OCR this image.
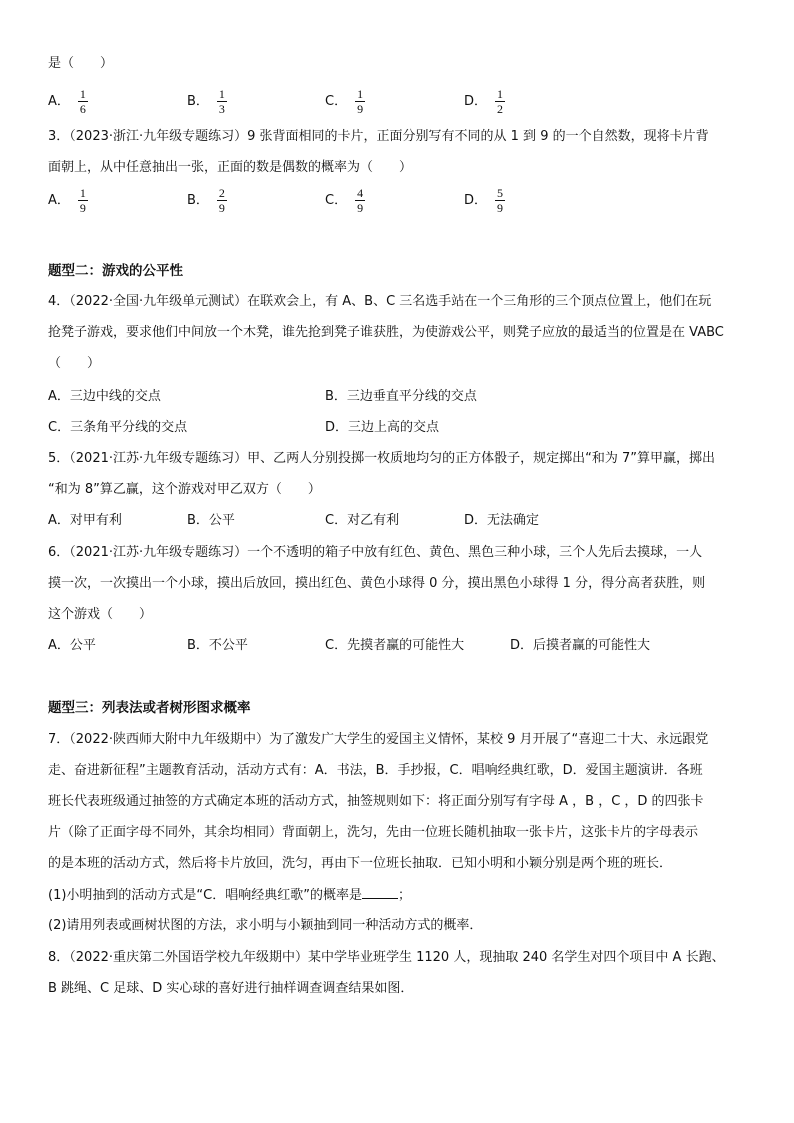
是（　　）
A． $\frac{1}{6}$	B． $\frac{1}{3}$	C． $\frac{1}{9}$	D． $\frac{1}{2}$
3．（2023·浙江·九年级专题练习）9 张背面相同的卡片，正面分别写有不同的从 1 到 9 的一个自然数，现将卡片背
面朝上，从中任意抽出一张，正面的数是偶数的概率为（　　）
A． $\frac{1}{9}$	B． $\frac{2}{9}$	C． $\frac{4}{9}$	D． $\frac{5}{9}$
题型二：游戏的公平性
4．（2022·全国·九年级单元测试）在联欢会上，有 A、B、C 三名选手站在一个三角形的三个顶点位置上，他们在玩
抢凳子游戏，要求他们中间放一个木凳，谁先抢到凳子谁获胜，为使游戏公平，则凳子应放的最适当的位置是在 VABC
（　　）
A．三边中线的交点	B．三边垂直平分线的交点
C．三条角平分线的交点	D．三边上高的交点
5．（2021·江苏·九年级专题练习）甲、乙两人分别投掷一枚质地均匀的正方体骰子，规定掷出“和为 7”算甲赢，掷出
“和为 8”算乙赢，这个游戏对甲乙双方（　　）
A．对甲有利	B．公平	C．对乙有利	D．无法确定
6．（2021·江苏·九年级专题练习）一个不透明的箱子中放有红色、黄色、黑色三种小球，三个人先后去摸球，一人
摸一次，一次摸出一个小球，摸出后放回，摸出红色、黄色小球得 0 分，摸出黑色小球得 1 分，得分高者获胜，则
这个游戏（　　）
A．公平	B．不公平	C．先摸者赢的可能性大	D．后摸者赢的可能性大
题型三：列表法或者树形图求概率
7．（2022·陕西师大附中九年级期中）为了激发广大学生的爱国主义情怀，某校 9 月开展了“喜迎二十大、永远跟党
走、奋进新征程”主题教育活动，活动方式有：A．书法，B．手抄报，C．唱响经典红歌，D．爱国主题演讲．各班
班长代表班级通过抽签的方式确定本班的活动方式，抽签规则如下：将正面分别写有字母 A ，B ，C ，D 的四张卡
片（除了正面字母不同外，其余均相同）背面朝上，洗匀，先由一位班长随机抽取一张卡片，这张卡片的字母表示
的是本班的活动方式，然后将卡片放回，洗匀，再由下一位班长抽取．已知小明和小颖分别是两个班的班长．
(1)小明抽到的活动方式是“C．唱响经典红歌”的概率是	；
(2)请用列表或画树状图的方法，求小明与小颖抽到同一种活动方式的概率．
8．（2022·重庆第二外国语学校九年级期中）某中学毕业班学生 1120 人，现抽取 240 名学生对四个项目中 A 长跑、
B 跳绳、C 足球、D 实心球的喜好进行抽样调查调查结果如图．
